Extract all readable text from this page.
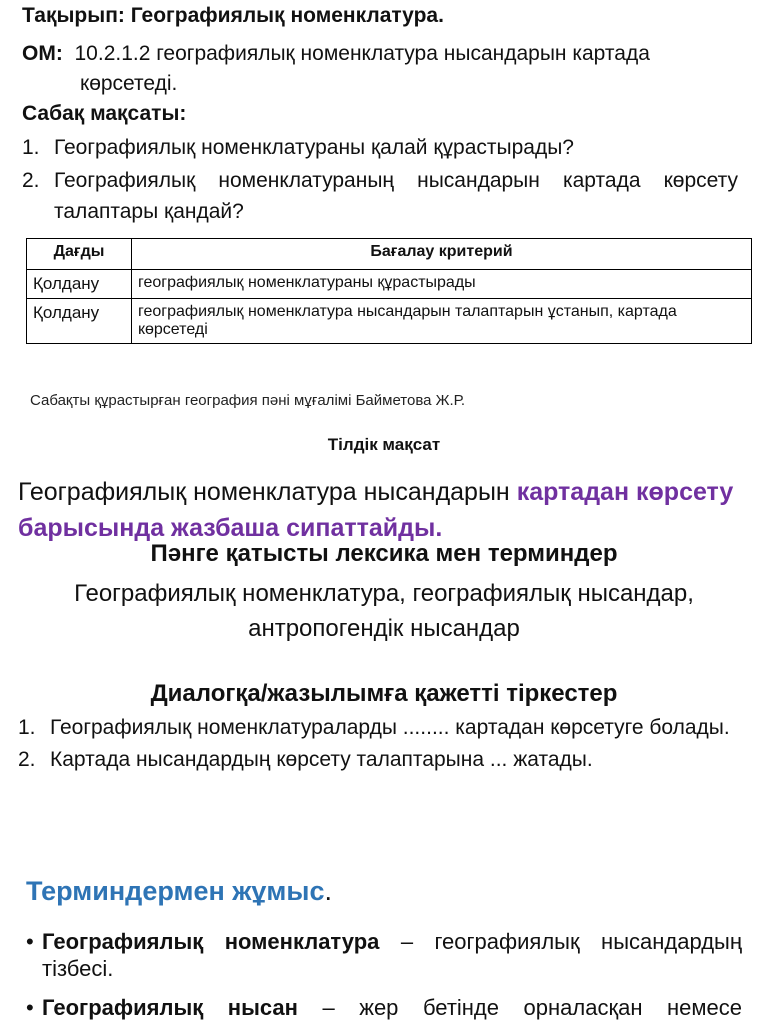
Тақырып: Географиялық номенклатура.
ОМ: 10.2.1.2 географиялық номенклатура нысандарын картада
көрсетеді.
Сабақ мақсаты:
1. Географиялық номенклатураны қалай құрастырады?
2. Географиялық номенклатураның нысандарын картада көрсету талаптары қандай?
Дағды	Бағалау критерий
Қолдану	географиялық номенклатураны құрастырады
Қолдану	географиялық номенклатура нысандарын талаптарын ұстанып, картада көрсетеді
Сабақты құрастырған география пәні мұғалімі Байметова Ж.Р.
Тілдік мақсат
Географиялық номенклатура нысандарын картадан көрсету барысында жазбаша сипаттайды.
Пәнге қатысты лексика мен терминдер
Географиялық номенклатура, географиялық нысандар, антропогендік нысандар
Диалогқа/жазылымға қажетті тіркестер
1. Географиялық номенклатураларды ........ картадан көрсетуге болады.
2. Картада нысандардың көрсету талаптарына ... жатады.
Терминдермен жұмыс.
• Географиялық номенклатура – географиялық нысандардың тізбесі.
• Географиялық нысан – жер бетінде орналасқан немесе
